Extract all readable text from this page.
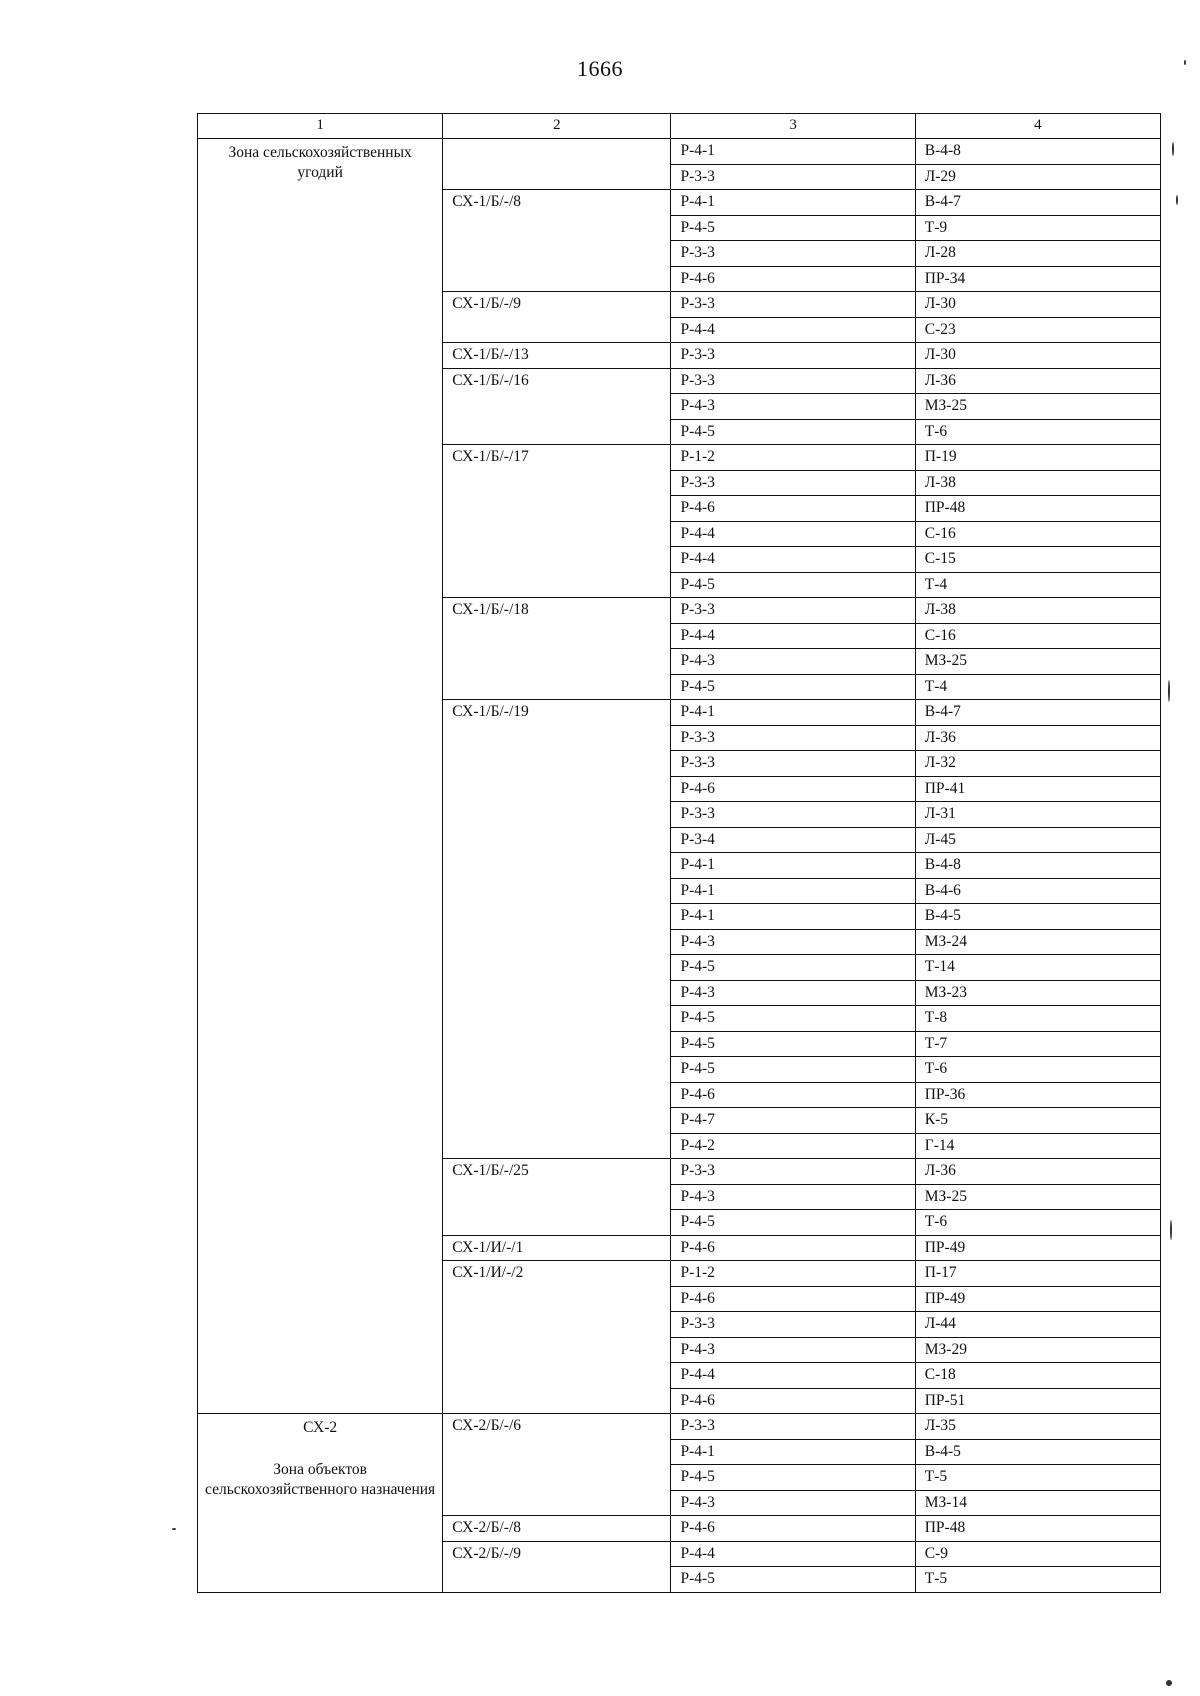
1666
1	2	3	4

Зона сельскохозяйственных угодий		Р-4-1	В-4-8
		Р-3-3	Л-29
	СХ-1/Б/-/8	Р-4-1	В-4-7
		Р-4-5	Т-9
		Р-3-3	Л-28
		Р-4-6	ПР-34
	СХ-1/Б/-/9	Р-3-3	Л-30
		Р-4-4	С-23
	СХ-1/Б/-/13	Р-3-3	Л-30
	СХ-1/Б/-/16	Р-3-3	Л-36
		Р-4-3	МЗ-25
		Р-4-5	Т-6
	СХ-1/Б/-/17	Р-1-2	П-19
		Р-3-3	Л-38
		Р-4-6	ПР-48
		Р-4-4	С-16
		Р-4-4	С-15
		Р-4-5	Т-4
	СХ-1/Б/-/18	Р-3-3	Л-38
		Р-4-4	С-16
		Р-4-3	МЗ-25
		Р-4-5	Т-4
	СХ-1/Б/-/19	Р-4-1	В-4-7
		Р-3-3	Л-36
		Р-3-3	Л-32
		Р-4-6	ПР-41
		Р-3-3	Л-31
		Р-3-4	Л-45
		Р-4-1	В-4-8
		Р-4-1	В-4-6
		Р-4-1	В-4-5
		Р-4-3	МЗ-24
		Р-4-5	Т-14
		Р-4-3	МЗ-23
		Р-4-5	Т-8
		Р-4-5	Т-7
		Р-4-5	Т-6
		Р-4-6	ПР-36
		Р-4-7	К-5
		Р-4-2	Г-14
	СХ-1/Б/-/25	Р-3-3	Л-36
		Р-4-3	МЗ-25
		Р-4-5	Т-6
	СХ-1/И/-/1	Р-4-6	ПР-49
	СХ-1/И/-/2	Р-1-2	П-17
		Р-4-6	ПР-49
		Р-3-3	Л-44
		Р-4-3	МЗ-29
		Р-4-4	С-18
		Р-4-6	ПР-51

СХ-2
Зона объектов сельскохозяйственного назначения	СХ-2/Б/-/6	Р-3-3	Л-35
		Р-4-1	В-4-5
		Р-4-5	Т-5
		Р-4-3	МЗ-14
	СХ-2/Б/-/8	Р-4-6	ПР-48
	СХ-2/Б/-/9	Р-4-4	С-9
		Р-4-5	Т-5
